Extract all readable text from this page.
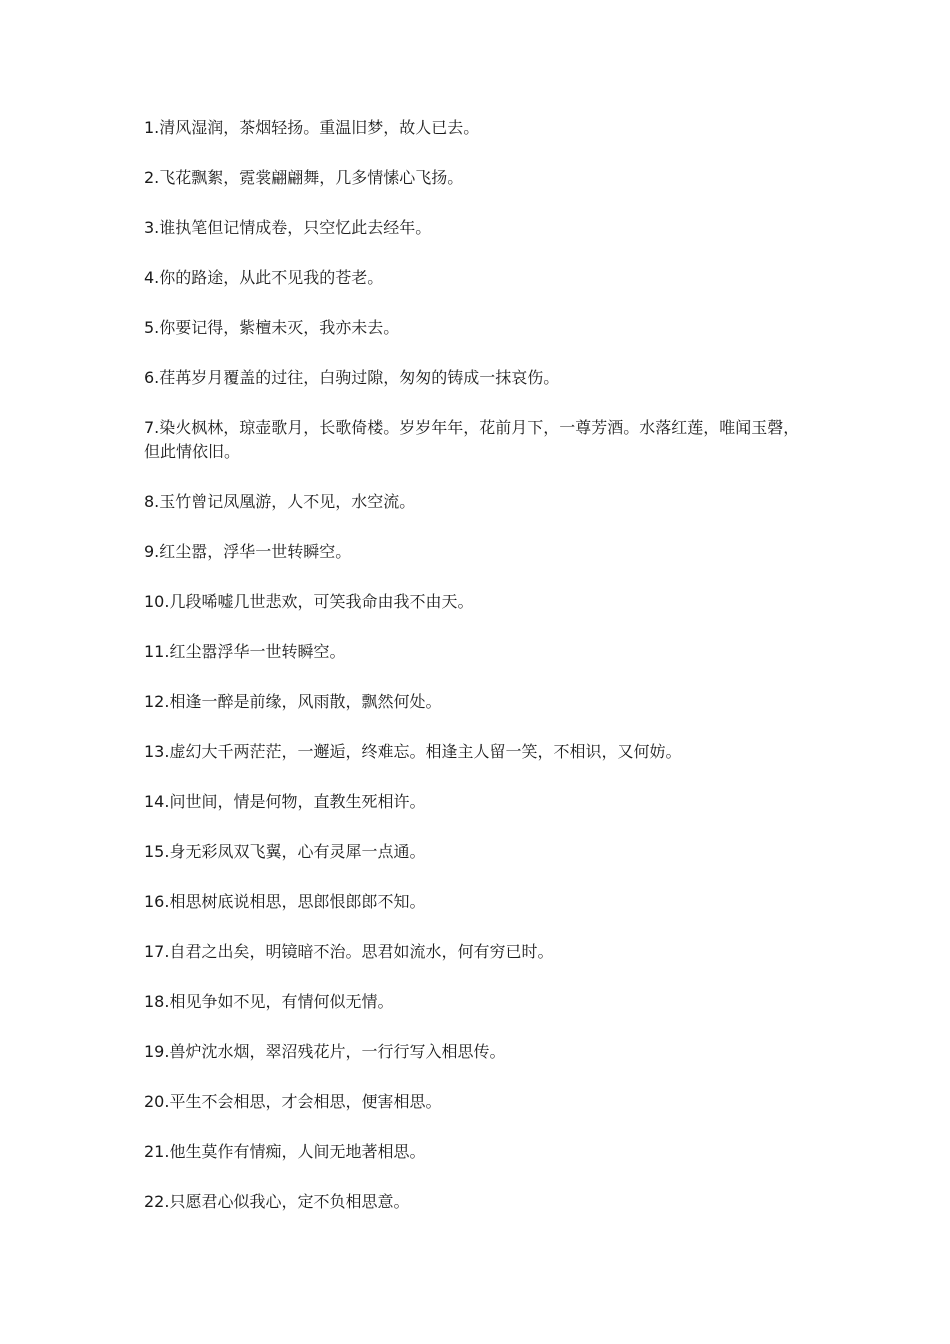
1.清风湿润，茶烟轻扬。重温旧梦，故人已去。
2.飞花飘絮，霓裳翩翩舞，几多情愫心飞扬。
3.谁执笔但记情成卷，只空忆此去经年。
4.你的路途，从此不见我的苍老。
5.你要记得，紫檀未灭，我亦未去。
6.荏苒岁月覆盖的过往，白驹过隙，匆匆的铸成一抹哀伤。
7.染火枫林，琼壶歌月，长歌倚楼。岁岁年年，花前月下，一尊芳酒。水落红莲，唯闻玉磬，但此情依旧。
8.玉竹曾记凤凰游，人不见，水空流。
9.红尘嚣，浮华一世转瞬空。
10.几段唏嘘几世悲欢，可笑我命由我不由天。
11.红尘嚣浮华一世转瞬空。
12.相逢一醉是前缘，风雨散，飘然何处。
13.虚幻大千两茫茫，一邂逅，终难忘。相逢主人留一笑，不相识，又何妨。
14.问世间，情是何物，直教生死相许。
15.身无彩凤双飞翼，心有灵犀一点通。
16.相思树底说相思，思郎恨郎郎不知。
17.自君之出矣，明镜暗不治。思君如流水，何有穷已时。
18.相见争如不见，有情何似无情。
19.兽炉沈水烟，翠沼残花片，一行行写入相思传。
20.平生不会相思，才会相思，便害相思。
21.他生莫作有情痴，人间无地著相思。
22.只愿君心似我心，定不负相思意。
